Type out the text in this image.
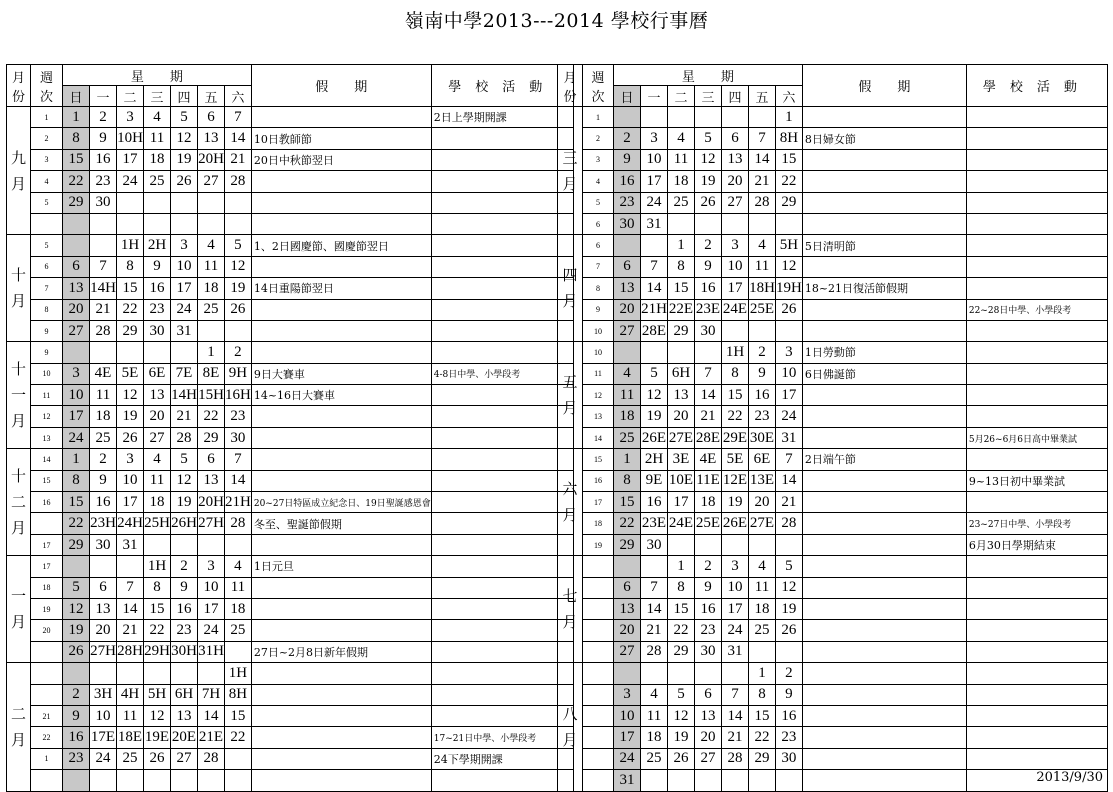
嶺南中學2013---2014 學校行事曆
月
份	週
次	星　　期							假　　期	學校活動
		日	一	二	三	四	五	六		
九
月	1	1	2	3	4	5	6	7		2日上學期開課
	2	8	9	10H	11	12	13	14	10日教師節	
	3	15	16	17	18	19	20H	21	20日中秋節翌日	
	4	22	23	24	25	26	27	28		
	5	29	30							

十
月	5			1H	2H	3	4	5	1、2日國慶節、國慶節翌日	
	6	6	7	8	9	10	11	12		
	7	13	14H	15	16	17	18	19	14日重陽節翌日	
	8	20	21	22	23	24	25	26		
	9	27	28	29	30	31				
十
一
月	9						1	2		
	10	3	4E	5E	6E	7E	8E	9H	9日大賽車	4-8日中學、小學段考
	11	10	11	12	13	14H	15H	16H	14~16日大賽車	
	12	17	18	19	20	21	22	23		
	13	24	25	26	27	28	29	30		
十
二
月	14	1	2	3	4	5	6	7		
	15	8	9	10	11	12	13	14		
	16	15	16	17	18	19	20H	21H	20~27日特區成立紀念日、19日聖誕感恩會	
		22	23H	24H	25H	26H	27H	28	冬至、聖誕節假期	
	17	29	30	31						
一
月	17				1H	2	3	4	1日元旦	
	18	5	6	7	8	9	10	11		
	19	12	13	14	15	16	17	18		
	20	19	20	21	22	23	24	25		
		26	27H	28H	29H	30H	31H		27日~2月8日新年假期	
二
月								1H		
		2	3H	4H	5H	6H	7H	8H		
	21	9	10	11	12	13	14	15		
	22	16	17E	18E	19E	20E	21E	22		17~21日中學、小學段考
	1	23	24	25	26	27	28			24下學期開課

月
份	週
次	星　　期							假　　期	學校活動
		日	一	二	三	四	五	六		
三
月	1							1		
	2	2	3	4	5	6	7	8H	8日婦女節	
	3	9	10	11	12	13	14	15		
	4	16	17	18	19	20	21	22		
	5	23	24	25	26	27	28	29		
	6	30	31							
四
月	6			1	2	3	4	5H	5日清明節	
	7	6	7	8	9	10	11	12		
	8	13	14	15	16	17	18H	19H	18~21日復活節假期	
	9	20	21H	22E	23E	24E	25E	26		22~28日中學、小學段考
	10	27	28E	29	30					
五
月	10					1H	2	3	1日勞動節	
	11	4	5	6H	7	8	9	10	6日佛誕節	
	12	11	12	13	14	15	16	17		
	13	18	19	20	21	22	23	24		
	14	25	26E	27E	28E	29E	30E	31		5月26~6月6日高中畢業試
六
月	15	1	2H	3E	4E	5E	6E	7	2日端午節	
	16	8	9E	10E	11E	12E	13E	14		9~13日初中畢業試
	17	15	16	17	18	19	20	21		
	18	22	23E	24E	25E	26E	27E	28		23~27日中學、小學段考
	19	29	30							6月30日學期結束
七
月				1	2	3	4	5		
		6	7	8	9	10	11	12		
		13	14	15	16	17	18	19		
		20	21	22	23	24	25	26		
		27	28	29	30	31				
八
月							1	2		
		3	4	5	6	7	8	9		
		10	11	12	13	14	15	16		
		17	18	19	20	21	22	23		
		24	25	26	27	28	29	30		
		31									2013/9/30
